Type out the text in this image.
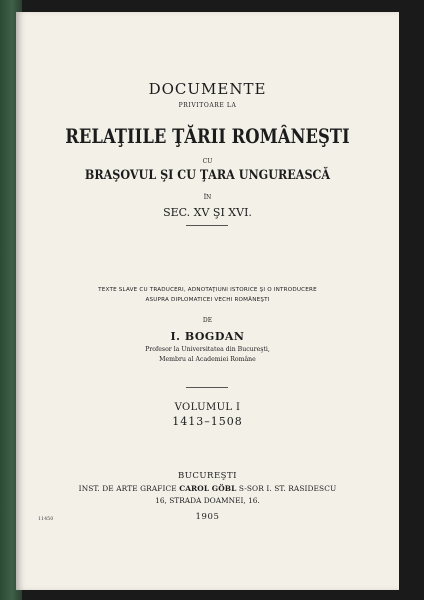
DOCUMENTE
PRIVITOARE LA
RELAŢIILE ŢĂRII ROMÂNEŞTI
CU
BRAŞOVUL ŞI CU ŢARA UNGUREASCĂ
ÎN
SEC. XV ŞI XVI.
TEXTE SLAVE CU TRADUCERI, ADNOTAŢIUNI ISTORICE ŞI O INTRODUCERE
ASUPRA DIPLOMATICEI VECHI ROMÂNEŞTI
DE
I. BOGDAN
Profesor la Universitatea din Bucureşti,
Membru al Academiei Române
VOLUMUL I
1413–1508
BUCUREŞTI
INST. DE ARTE GRAFICE CAROL GÖBL S-SOR I. ST. RASIDESCU
16, STRADA DOAMNEI, 16.
1905
11450
